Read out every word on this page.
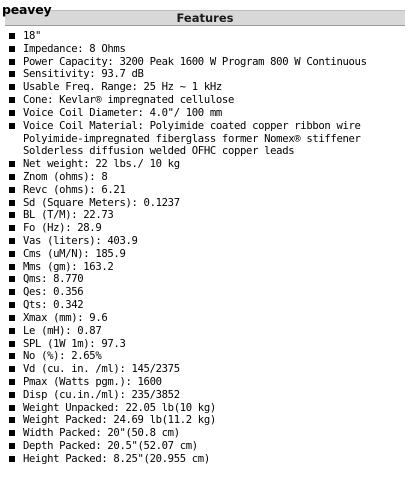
Features
peavey
18"
Impedance: 8 Ohms
Power Capacity: 3200 Peak 1600 W Program 800 W Continuous
Sensitivity: 93.7 dB
Usable Freq. Range: 25 Hz ~ 1 kHz
Cone: Kevlar® impregnated cellulose
Voice Coil Diameter: 4.0"/ 100 mm
Voice Coil Material: Polyimide coated copper ribbon wire
Polyimide-impregnated fiberglass former Nomex® stiffener
Solderless diffusion welded OFHC copper leads
Net weight: 22 lbs./ 10 kg
Znom (ohms): 8
Revc (ohms): 6.21
Sd (Square Meters): 0.1237
BL (T/M): 22.73
Fo (Hz): 28.9
Vas (liters): 403.9
Cms (uM/N): 185.9
Mms (gm): 163.2
Qms: 8.770
Qes: 0.356
Qts: 0.342
Xmax (mm): 9.6
Le (mH): 0.87
SPL (1W 1m): 97.3
No (%): 2.65%
Vd (cu. in. /ml): 145/2375
Pmax (Watts pgm.): 1600
Disp (cu.in./ml): 235/3852
Weight Unpacked: 22.05 lb(10 kg)
Weight Packed: 24.69 lb(11.2 kg)
Width Packed: 20"(50.8 cm)
Depth Packed: 20.5"(52.07 cm)
Height Packed: 8.25"(20.955 cm)
